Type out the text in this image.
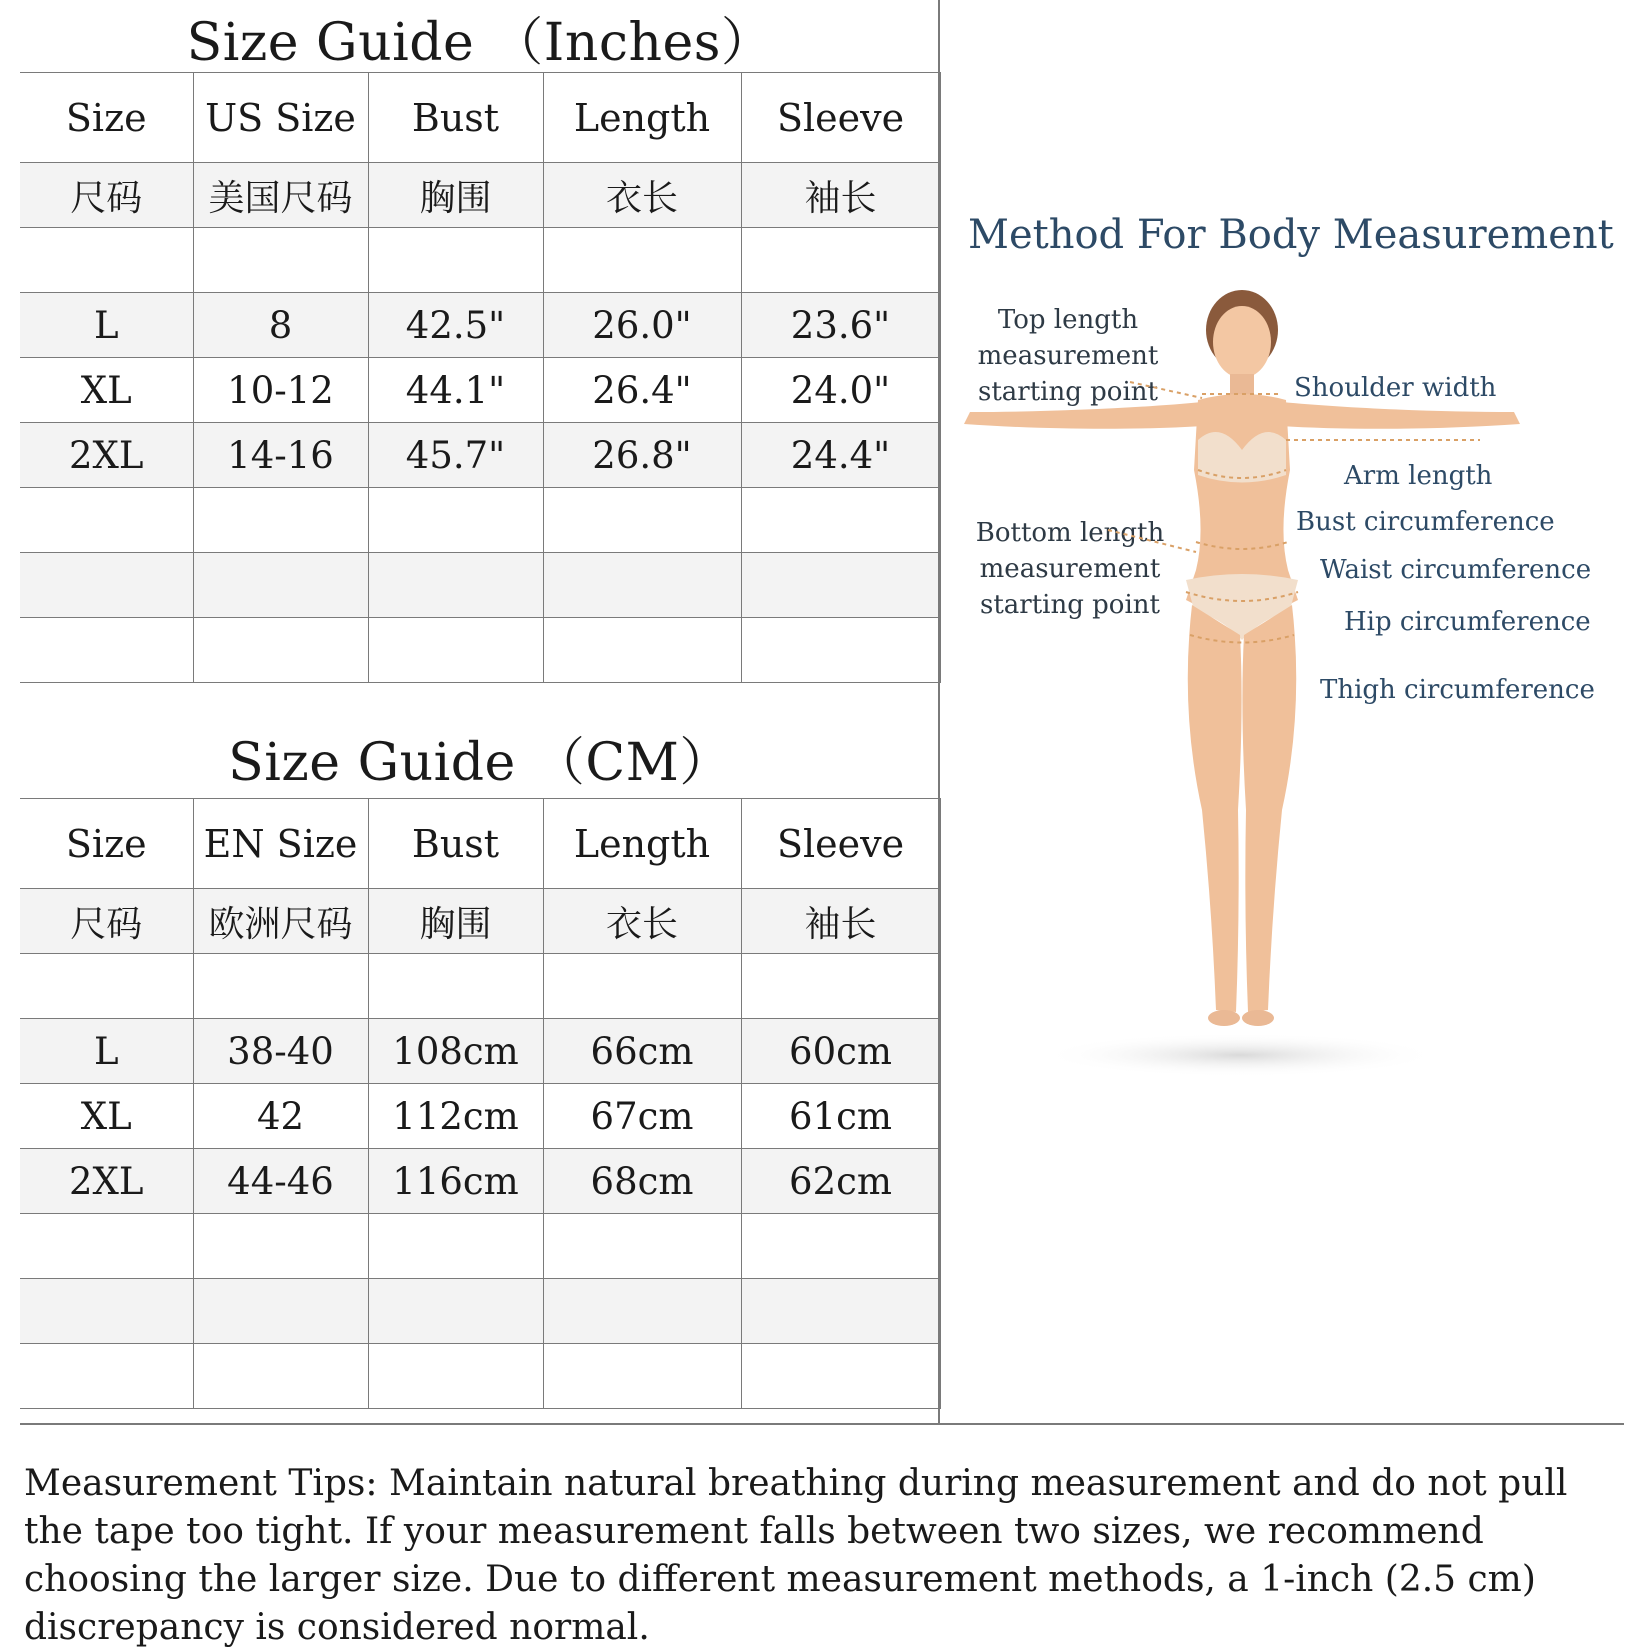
Size Guide （Inches）
Size	US Size	Bust	Length	Sleeve
尺码	美国尺码	胸围	衣长	袖长

L	8	42.5"	26.0"	23.6"
XL	10-12	44.1"	26.4"	24.0"
2XL	14-16	45.7"	26.8"	24.4"

Size Guide （CM）
Size	EN Size	Bust	Length	Sleeve
尺码	欧洲尺码	胸围	衣长	袖长

L	38-40	108cm	66cm	60cm
XL	42	112cm	67cm	61cm
2XL	44-46	116cm	68cm	62cm

Method For Body Measurement
Top length
measurement
starting point
Bottom length
measurement
starting point
Shoulder width
Arm length
Bust circumference
Waist circumference
Hip circumference
Thigh circumference
Measurement Tips: Maintain natural breathing during measurement and do not pull the tape too tight. If your measurement falls between two sizes, we recommend choosing the larger size. Due to different measurement methods, a 1-inch (2.5 cm) discrepancy is considered normal.
